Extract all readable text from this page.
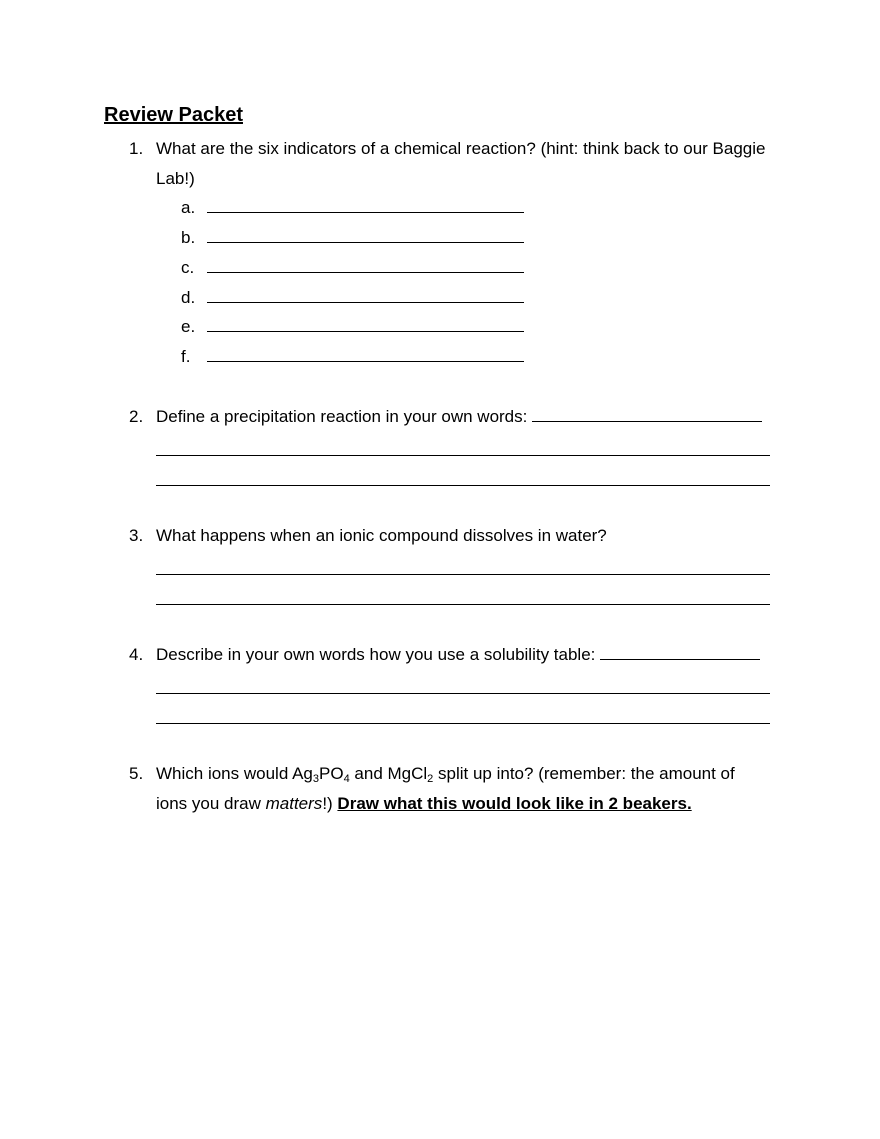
Review Packet
1. What are the six indicators of a chemical reaction? (hint: think back to our Baggie Lab!)
a.
b.
c.
d.
e.
f.
2. Define a precipitation reaction in your own words:
3. What happens when an ionic compound dissolves in water?
4. Describe in your own words how you use a solubility table:
5. Which ions would $Ag_3PO_4$ and MgCl$_2$ split up into? (remember: the amount of ions you draw matters!) Draw what this would look like in 2 beakers.
